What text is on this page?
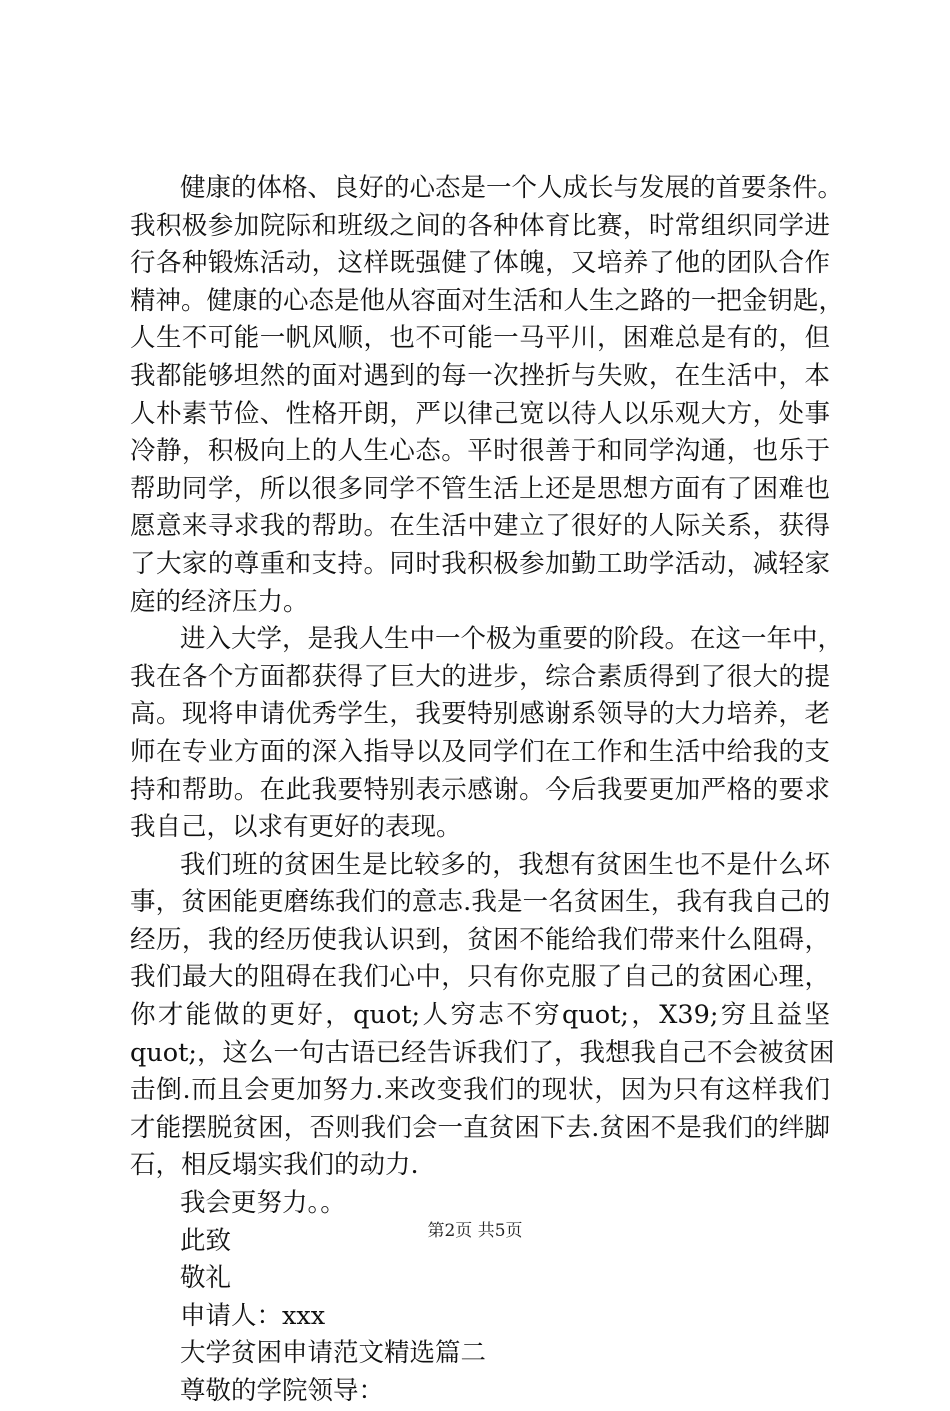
健康的体格、良好的心态是一个人成长与发展的首要条件。
我积极参加院际和班级之间的各种体育比赛，时常组织同学进
行各种锻炼活动，这样既强健了体魄，又培养了他的团队合作
精神。健康的心态是他从容面对生活和人生之路的一把金钥匙，
人生不可能一帆风顺，也不可能一马平川，困难总是有的，但
我都能够坦然的面对遇到的每一次挫折与失败，在生活中，本
人朴素节俭、性格开朗，严以律己宽以待人以乐观大方，处事
冷静，积极向上的人生心态。平时很善于和同学沟通，也乐于
帮助同学，所以很多同学不管生活上还是思想方面有了困难也
愿意来寻求我的帮助。在生活中建立了很好的人际关系，获得
了大家的尊重和支持。同时我积极参加勤工助学活动，减轻家
庭的经济压力。
进入大学，是我人生中一个极为重要的阶段。在这一年中，
我在各个方面都获得了巨大的进步，综合素质得到了很大的提
高。现将申请优秀学生，我要特别感谢系领导的大力培养，老
师在专业方面的深入指导以及同学们在工作和生活中给我的支
持和帮助。在此我要特别表示感谢。今后我要更加严格的要求
我自己，以求有更好的表现。
我们班的贫困生是比较多的，我想有贫困生也不是什么坏
事，贫困能更磨练我们的意志.我是一名贫困生，我有我自己的
经历，我的经历使我认识到，贫困不能给我们带来什么阻碍，
我们最大的阻碍在我们心中，只有你克服了自己的贫困心理，
你才能做的更好，quot;人穷志不穷quot;，X39;穷且益坚
quot;，这么一句古语已经告诉我们了，我想我自己不会被贫困
击倒.而且会更加努力.来改变我们的现状，因为只有这样我们
才能摆脱贫困，否则我们会一直贫困下去.贫困不是我们的绊脚
石，相反塌实我们的动力.
我会更努力。。
此致
敬礼
申请人：xxx
大学贫困申请范文精选篇二
尊敬的学院领导：
第2页 共5页
